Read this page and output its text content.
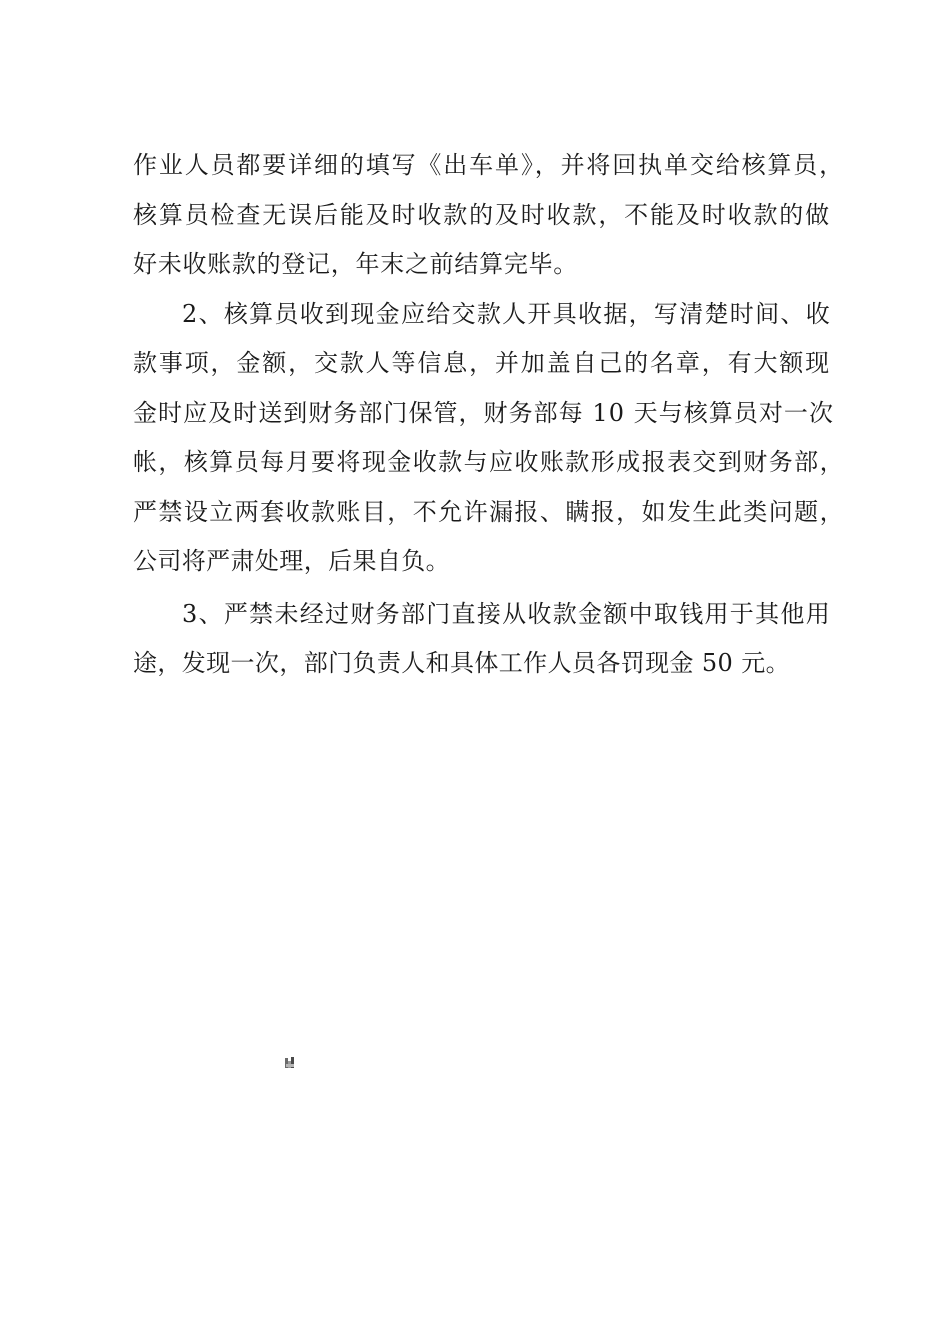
作业人员都要详细的填写《出车单》，并将回执单交给核算员，
核算员检查无误后能及时收款的及时收款，不能及时收款的做
好未收账款的登记，年末之前结算完毕。
2、核算员收到现金应给交款人开具收据，写清楚时间、收
款事项，金额，交款人等信息，并加盖自己的名章，有大额现
金时应及时送到财务部门保管，财务部每 10 天与核算员对一次
帐，核算员每月要将现金收款与应收账款形成报表交到财务部，
严禁设立两套收款账目，不允许漏报、瞒报，如发生此类问题，
公司将严肃处理，后果自负。
3、严禁未经过财务部门直接从收款金额中取钱用于其他用
途，发现一次，部门负责人和具体工作人员各罚现金 50 元。
